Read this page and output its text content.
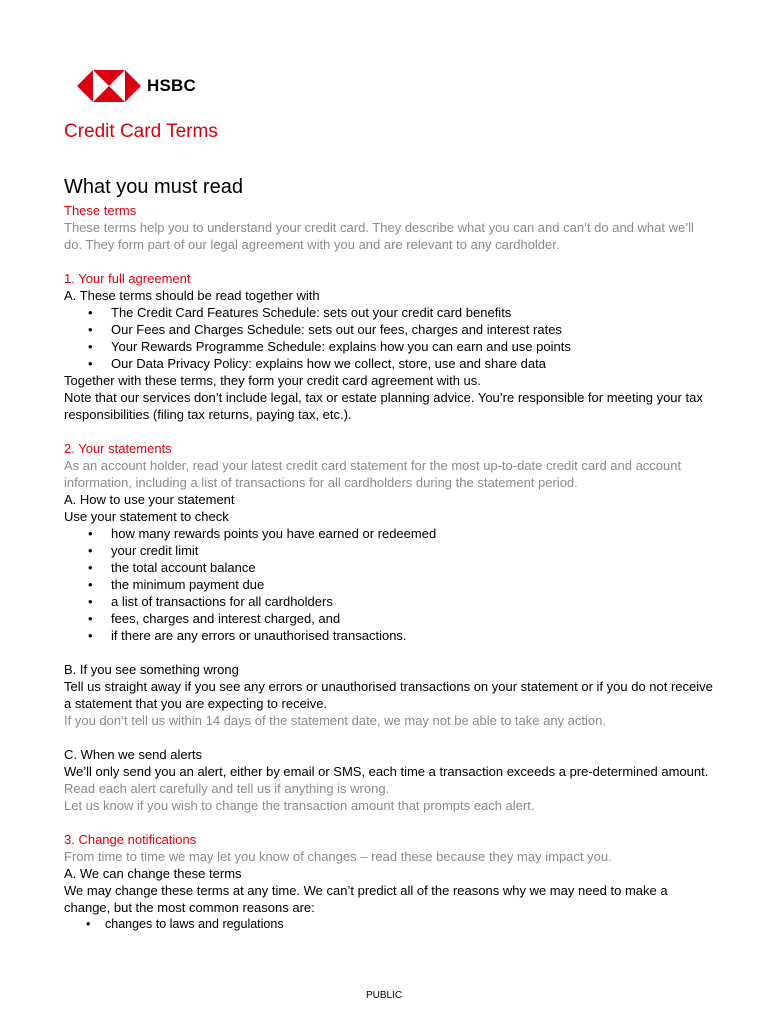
HSBC
Credit Card Terms
What you must read

These terms

These terms help you to understand your credit card. They describe what you can and can’t do and what we’ll do. They form part of our legal agreement with you and are relevant to any cardholder.

1. Your full agreement

A. These terms should be read together with

• The Credit Card Features Schedule: sets out your credit card benefits
• Our Fees and Charges Schedule: sets out our fees, charges and interest rates
• Your Rewards Programme Schedule: explains how you can earn and use points
• Our Data Privacy Policy: explains how we collect, store, use and share data

Together with these terms, they form your credit card agreement with us.

Note that our services don’t include legal, tax or estate planning advice. You’re responsible for meeting your tax responsibilities (filing tax returns, paying tax, etc.).

2. Your statements

As an account holder, read your latest credit card statement for the most up-to-date credit card and account information, including a list of transactions for all cardholders during the statement period.

A. How to use your statement

Use your statement to check

• how many rewards points you have earned or redeemed
• your credit limit
• the total account balance
• the minimum payment due
• a list of transactions for all cardholders
• fees, charges and interest charged, and
• if there are any errors or unauthorised transactions.

B. If you see something wrong

Tell us straight away if you see any errors or unauthorised transactions on your statement or if you do not receive a statement that you are expecting to receive.

If you don’t tell us within 14 days of the statement date, we may not be able to take any action.

C. When we send alerts

We’ll only send you an alert, either by email or SMS, each time a transaction exceeds a pre-determined amount.

Read each alert carefully and tell us if anything is wrong.

Let us know if you wish to change the transaction amount that prompts each alert.

3. Change notifications

From time to time we may let you know of changes – read these because they may impact you.

A. We can change these terms

We may change these terms at any time. We can’t predict all of the reasons why we may need to make a change, but the most common reasons are:

• changes to laws and regulations
PUBLIC
